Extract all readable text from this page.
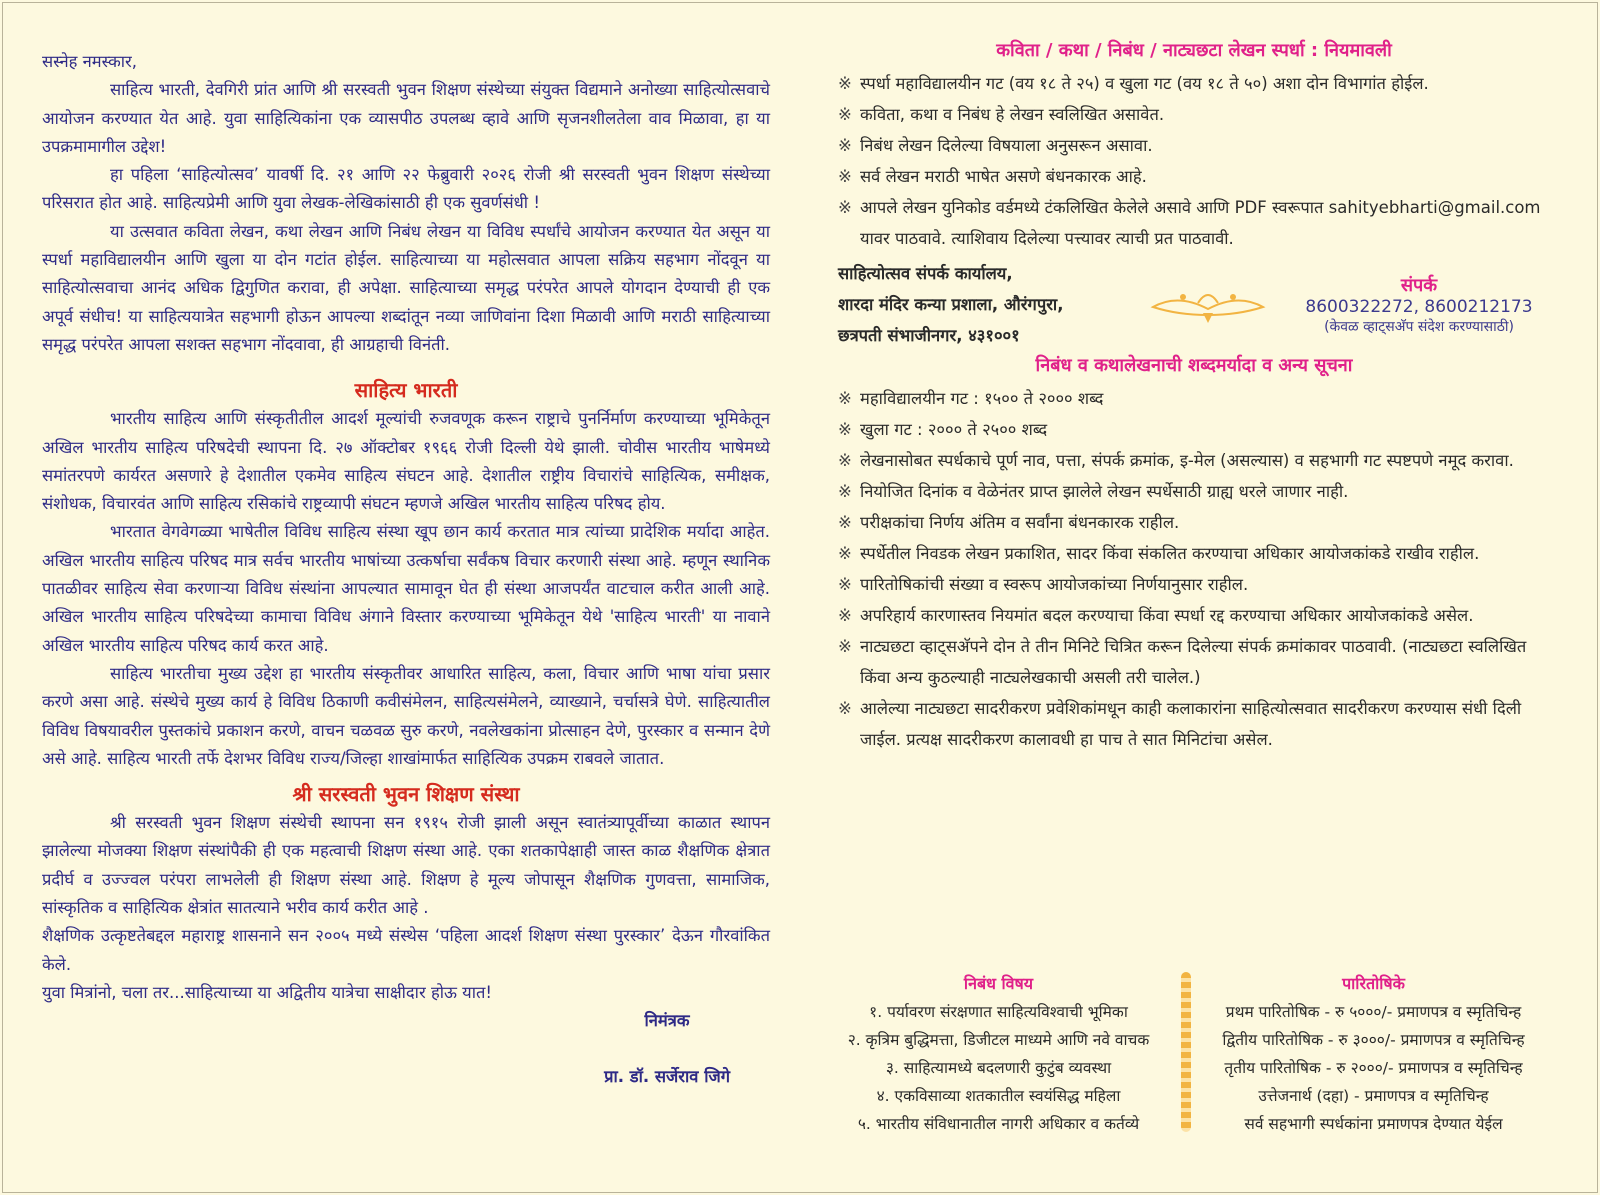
सस्नेह नमस्कार,

साहित्य भारती, देवगिरी प्रांत आणि श्री सरस्वती भुवन शिक्षण संस्थेच्या संयुक्त विद्यमाने अनोख्या साहित्योत्सवाचे आयोजन करण्यात येत आहे. युवा साहित्यिकांना एक व्यासपीठ उपलब्ध व्हावे आणि सृजनशीलतेला वाव मिळावा, हा या उपक्रमामागील उद्देश!

हा पहिला ‘साहित्योत्सव’ यावर्षी दि. २१ आणि २२ फेब्रुवारी २०२६ रोजी श्री सरस्वती भुवन शिक्षण संस्थेच्या परिसरात होत आहे. साहित्यप्रेमी आणि युवा लेखक-लेखिकांसाठी ही एक सुवर्णसंधी !

या उत्सवात कविता लेखन, कथा लेखन आणि निबंध लेखन या विविध स्पर्धांचे आयोजन करण्यात येत असून या स्पर्धा महाविद्यालयीन आणि खुला या दोन गटांत होईल. साहित्याच्या या महोत्सवात आपला सक्रिय सहभाग नोंदवून या साहित्योत्सवाचा आनंद अधिक द्विगुणित करावा, ही अपेक्षा. साहित्याच्या समृद्ध परंपरेत आपले योगदान देण्याची ही एक अपूर्व संधीच! या साहित्ययात्रेत सहभागी होऊन आपल्या शब्दांतून नव्या जाणिवांना दिशा मिळावी आणि मराठी साहित्याच्या समृद्ध परंपरेत आपला सशक्त सहभाग नोंदवावा, ही आग्रहाची विनंती.

साहित्य भारती

भारतीय साहित्य आणि संस्कृतीतील आदर्श मूल्यांची रुजवणूक करून राष्ट्राचे पुनर्निर्माण करण्याच्या भूमिकेतून अखिल भारतीय साहित्य परिषदेची स्थापना दि. २७ ऑक्टोबर १९६६ रोजी दिल्ली येथे झाली. चोवीस भारतीय भाषेमध्ये समांतरपणे कार्यरत असणारे हे देशातील एकमेव साहित्य संघटन आहे. देशातील राष्ट्रीय विचारांचे साहित्यिक, समीक्षक, संशोधक, विचारवंत आणि साहित्य रसिकांचे राष्ट्रव्यापी संघटन म्हणजे अखिल भारतीय साहित्य परिषद होय.

भारतात वेगवेगळ्या भाषेतील विविध साहित्य संस्था खूप छान कार्य करतात मात्र त्यांच्या प्रादेशिक मर्यादा आहेत. अखिल भारतीय साहित्य परिषद मात्र सर्वच भारतीय भाषांच्या उत्कर्षाचा सर्वंकष विचार करणारी संस्था आहे. म्हणून स्थानिक पातळीवर साहित्य सेवा करणाऱ्या विविध संस्थांना आपल्यात सामावून घेत ही संस्था आजपर्यंत वाटचाल करीत आली आहे. अखिल भारतीय साहित्य परिषदेच्या कामाचा विविध अंगाने विस्तार करण्याच्या भूमिकेतून येथे 'साहित्य भारती' या नावाने अखिल भारतीय साहित्य परिषद कार्य करत आहे.

साहित्य भारतीचा मुख्य उद्देश हा भारतीय संस्कृतीवर आधारित साहित्य, कला, विचार आणि भाषा यांचा प्रसार करणे असा आहे. संस्थेचे मुख्य कार्य हे विविध ठिकाणी कवीसंमेलन, साहित्यसंमेलने, व्याख्याने, चर्चासत्रे घेणे. साहित्यातील विविध विषयावरील पुस्तकांचे प्रकाशन करणे, वाचन चळवळ सुरु करणे, नवलेखकांना प्रोत्साहन देणे, पुरस्कार व सन्मान देणे असे आहे. साहित्य भारती तर्फे देशभर विविध राज्य/जिल्हा शाखांमार्फत साहित्यिक उपक्रम राबवले जातात.

श्री सरस्वती भुवन शिक्षण संस्था

श्री सरस्वती भुवन शिक्षण संस्थेची स्थापना सन १९१५ रोजी झाली असून स्वातंत्र्यापूर्वीच्या काळात स्थापन झालेल्या मोजक्या शिक्षण संस्थांपैकी ही एक महत्वाची शिक्षण संस्था आहे. एका शतकापेक्षाही जास्त काळ शैक्षणिक क्षेत्रात प्रदीर्घ व उज्ज्वल परंपरा लाभलेली ही शिक्षण संस्था आहे. शिक्षण हे मूल्य जोपासून शैक्षणिक गुणवत्ता, सामाजिक, सांस्कृतिक व साहित्यिक क्षेत्रांत सातत्याने भरीव कार्य करीत आहे .

शैक्षणिक उत्कृष्टतेबद्दल महाराष्ट्र शासनाने सन २००५ मध्ये संस्थेस ‘पहिला आदर्श शिक्षण संस्था पुरस्कार’ देऊन गौरवांकित केले.

युवा मित्रांनो, चला तर...साहित्याच्या या अद्वितीय यात्रेचा साक्षीदार होऊ यात!

निमंत्रक

प्रा. डॉ. सर्जेराव जिगे
कविता / कथा / निबंध / नाट्यछटा लेखन स्पर्धा : नियमावली
※ स्पर्धा महाविद्यालयीन गट (वय १८ ते २५) व खुला गट (वय १८ ते ५०) अशा दोन विभागांत होईल.
※ कविता, कथा व निबंध हे लेखन स्वलिखित असावेत.
※ निबंध लेखन दिलेल्या विषयाला अनुसरून असावा.
※ सर्व लेखन मराठी भाषेत असणे बंधनकारक आहे.
※ आपले लेखन युनिकोड वर्डमध्ये टंकलिखित केलेले असावे आणि PDF स्वरूपात sahityebharti@gmail.com यावर पाठवावे. त्याशिवाय दिलेल्या पत्त्यावर त्याची प्रत पाठवावी.
साहित्योत्सव संपर्क कार्यालय,
शारदा मंदिर कन्या प्रशाला, औरंगपुरा,
छत्रपती संभाजीनगर, ४३१००१
संपर्क
8600322272, 8600212173
(केवळ व्हाट्सअ‍ॅप संदेश करण्यासाठी)
निबंध व कथालेखनाची शब्दमर्यादा व अन्य सूचना
※ महाविद्यालयीन गट : १५०० ते २००० शब्द
※ खुला गट : २००० ते २५०० शब्द
※ लेखनासोबत स्पर्धकाचे पूर्ण नाव, पत्ता, संपर्क क्रमांक, इ-मेल (असल्यास) व सहभागी गट स्पष्टपणे नमूद करावा.
※ नियोजित दिनांक व वेळेनंतर प्राप्त झालेले लेखन स्पर्धेसाठी ग्राह्य धरले जाणार नाही.
※ परीक्षकांचा निर्णय अंतिम व सर्वांना बंधनकारक राहील.
※ स्पर्धेतील निवडक लेखन प्रकाशित, सादर किंवा संकलित करण्याचा अधिकार आयोजकांकडे राखीव राहील.
※ पारितोषिकांची संख्या व स्वरूप आयोजकांच्या निर्णयानुसार राहील.
※ अपरिहार्य कारणास्तव नियमांत बदल करण्याचा किंवा स्पर्धा रद्द करण्याचा अधिकार आयोजकांकडे असेल.
※ नाट्यछटा व्हाट्सअ‍ॅपने दोन ते तीन मिनिटे चित्रित करून दिलेल्या संपर्क क्रमांकावर पाठवावी. (नाट्यछटा स्वलिखित किंवा अन्य कुठल्याही नाट्यलेखकाची असली तरी चालेल.)
※ आलेल्या नाट्यछटा सादरीकरण प्रवेशिकांमधून काही कलाकारांना साहित्योत्सवात सादरीकरण करण्यास संधी दिली जाईल. प्रत्यक्ष सादरीकरण कालावधी हा पाच ते सात मिनिटांचा असेल.
निबंध विषय
१. पर्यावरण संरक्षणात साहित्यविश्वाची भूमिका
२. कृत्रिम बुद्धिमत्ता, डिजीटल माध्यमे आणि नवे वाचक
३. साहित्यामध्ये बदलणारी कुटुंब व्यवस्था
४. एकविसाव्या शतकातील स्वयंसिद्ध महिला
५. भारतीय संविधानातील नागरी अधिकार व कर्तव्ये
पारितोषिके
प्रथम पारितोषिक - रु ५०००/- प्रमाणपत्र व स्मृतिचिन्ह
द्वितीय पारितोषिक - रु ३०००/- प्रमाणपत्र व स्मृतिचिन्ह
तृतीय पारितोषिक - रु २०००/- प्रमाणपत्र व स्मृतिचिन्ह
उत्तेजनार्थ (दहा) - प्रमाणपत्र व स्मृतिचिन्ह
सर्व सहभागी स्पर्धकांना प्रमाणपत्र देण्यात येईल
